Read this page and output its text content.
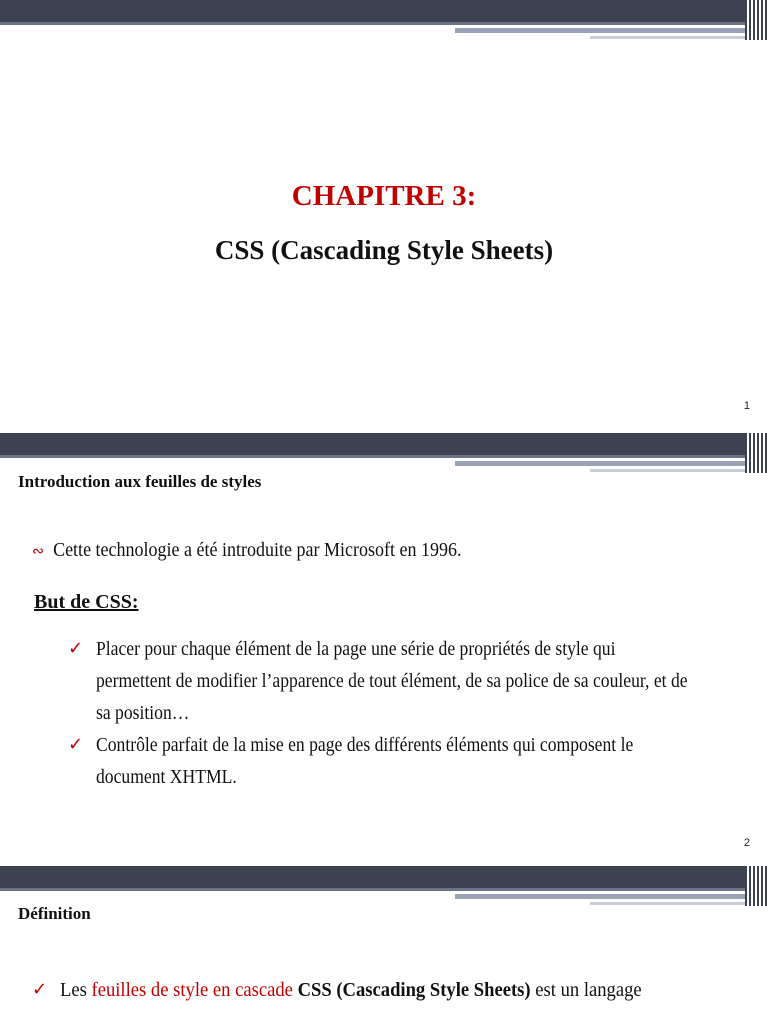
CHAPITRE 3:
CSS (Cascading Style Sheets)
1
Introduction aux feuilles de styles
∾ Cette technologie a été introduite par Microsoft en 1996.
But de CSS:
✓ Placer pour chaque élément de la page une série de propriétés de style qui permettent de modifier l’apparence de tout élément, de sa police de sa couleur, et de sa position…
✓ Contrôle parfait de la mise en page des différents éléments qui composent le document XHTML.
2
Définition
✓ Les feuilles de style en cascade CSS (Cascading Style Sheets) est un langage
